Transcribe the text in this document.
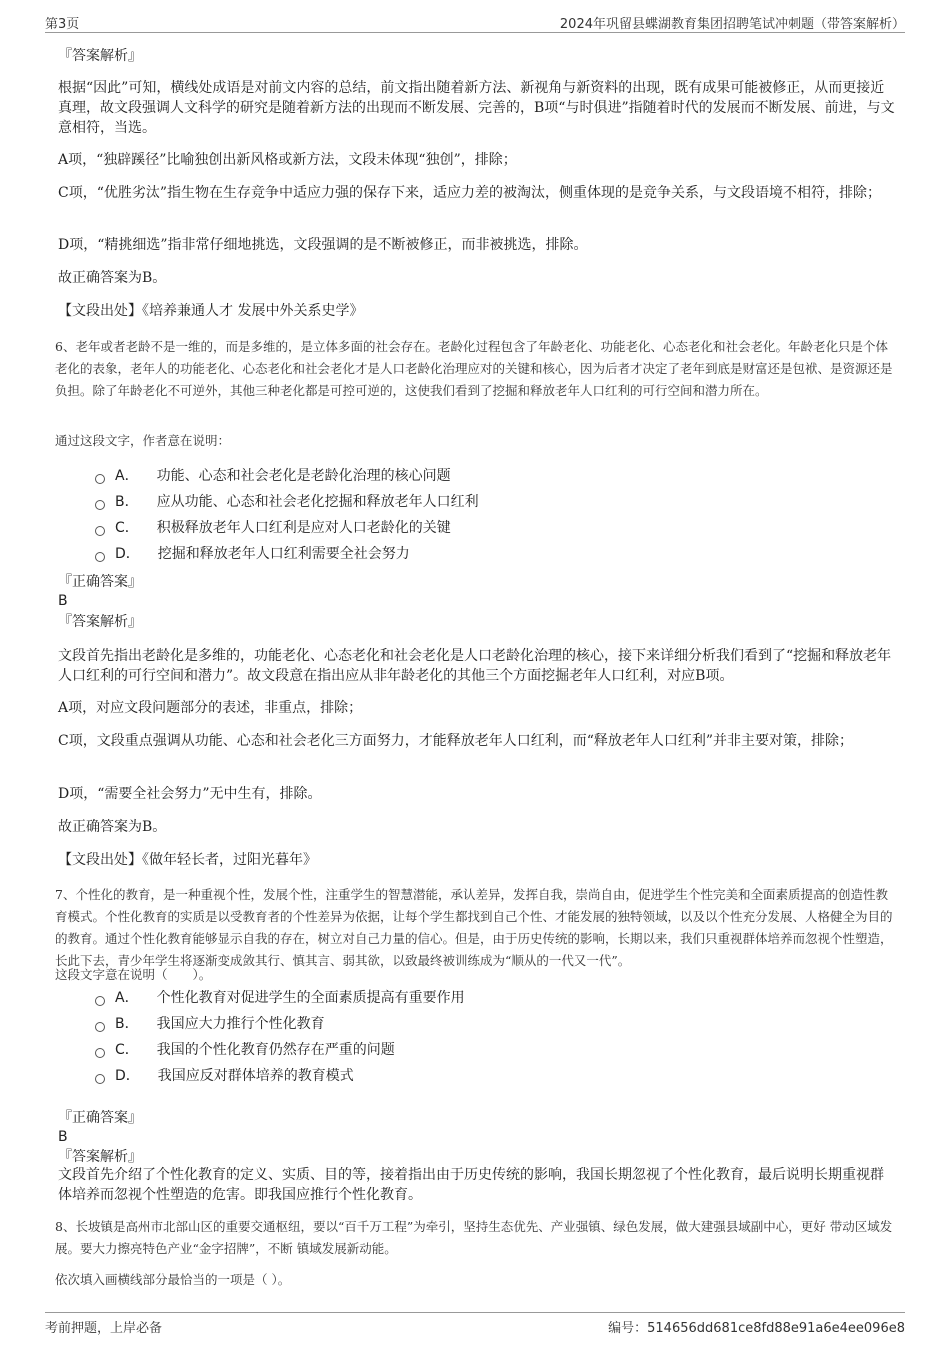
第3页	2024年巩留县蝶湖教育集团招聘笔试冲刺题（带答案解析）

『答案解析』

根据“因此”可知，横线处成语是对前文内容的总结，前文指出随着新方法、新视角与新资料的出现，既有成果可能被修正，从而更接近真理，故文段强调人文科学的研究是随着新方法的出现而不断发展、完善的，B项“与时俱进”指随着时代的发展而不断发展、前进，与文意相符，当选。

A项，“独辟蹊径”比喻独创出新风格或新方法，文段未体现“独创”，排除；

C项，“优胜劣汰”指生物在生存竞争中适应力强的保存下来，适应力差的被淘汰，侧重体现的是竞争关系，与文段语境不相符，排除；

D项，“精挑细选”指非常仔细地挑选，文段强调的是不断被修正，而非被挑选，排除。

故正确答案为B。

【文段出处】《培养兼通人才 发展中外关系史学》

6、老年或者老龄不是一维的，而是多维的，是立体多面的社会存在。老龄化过程包含了年龄老化、功能老化、心态老化和社会老化。年龄老化只是个体老化的表象，老年人的功能老化、心态老化和社会老化才是人口老龄化治理应对的关键和核心，因为后者才决定了老年到底是财富还是包袱、是资源还是负担。除了年龄老化不可逆外，其他三种老化都是可控可逆的，这使我们看到了挖掘和释放老年人口红利的可行空间和潜力所在。

通过这段文字，作者意在说明：

A． 功能、心态和社会老化是老龄化治理的核心问题
B． 应从功能、心态和社会老化挖掘和释放老年人口红利
C． 积极释放老年人口红利是应对人口老龄化的关键
D． 挖掘和释放老年人口红利需要全社会努力

『正确答案』

B

『答案解析』

文段首先指出老龄化是多维的，功能老化、心态老化和社会老化是人口老龄化治理的核心，接下来详细分析我们看到了“挖掘和释放老年人口红利的可行空间和潜力”。故文段意在指出应从非年龄老化的其他三个方面挖掘老年人口红利，对应B项。

A项，对应文段问题部分的表述，非重点，排除；

C项，文段重点强调从功能、心态和社会老化三方面努力，才能释放老年人口红利，而“释放老年人口红利”并非主要对策，排除；

D项，“需要全社会努力”无中生有，排除。

故正确答案为B。

【文段出处】《做年轻长者，过阳光暮年》

7、个性化的教育，是一种重视个性，发展个性，注重学生的智慧潜能，承认差异，发挥自我，崇尚自由，促进学生个性完美和全面素质提高的创造性教育模式。个性化教育的实质是以受教育者的个性差异为依据，让每个学生都找到自己个性、才能发展的独特领域，以及以个性充分发展、人格健全为目的的教育。通过个性化教育能够显示自我的存在，树立对自己力量的信心。但是，由于历史传统的影响，长期以来，我们只重视群体培养而忽视个性塑造，长此下去，青少年学生将逐渐变成敛其行、慎其言、弱其欲，以致最终被训练成为“顺从的一代又一代”。

这段文字意在说明（　　）。

A． 个性化教育对促进学生的全面素质提高有重要作用
B． 我国应大力推行个性化教育
C． 我国的个性化教育仍然存在严重的问题
D． 我国应反对群体培养的教育模式

『正确答案』

B

『答案解析』

文段首先介绍了个性化教育的定义、实质、目的等，接着指出由于历史传统的影响，我国长期忽视了个性化教育，最后说明长期重视群体培养而忽视个性塑造的危害。即我国应推行个性化教育。

8、长坡镇是高州市北部山区的重要交通枢纽，要以“百千万工程”为牵引，坚持生态优先、产业强镇、绿色发展，做大建强县域副中心，更好 带动区域发展。要大力擦亮特色产业“金字招牌”，不断 镇域发展新动能。

依次填入画横线部分最恰当的一项是（ ）。

考前押题，上岸必备	编号：514656dd681ce8fd88e91a6e4ee096e8
